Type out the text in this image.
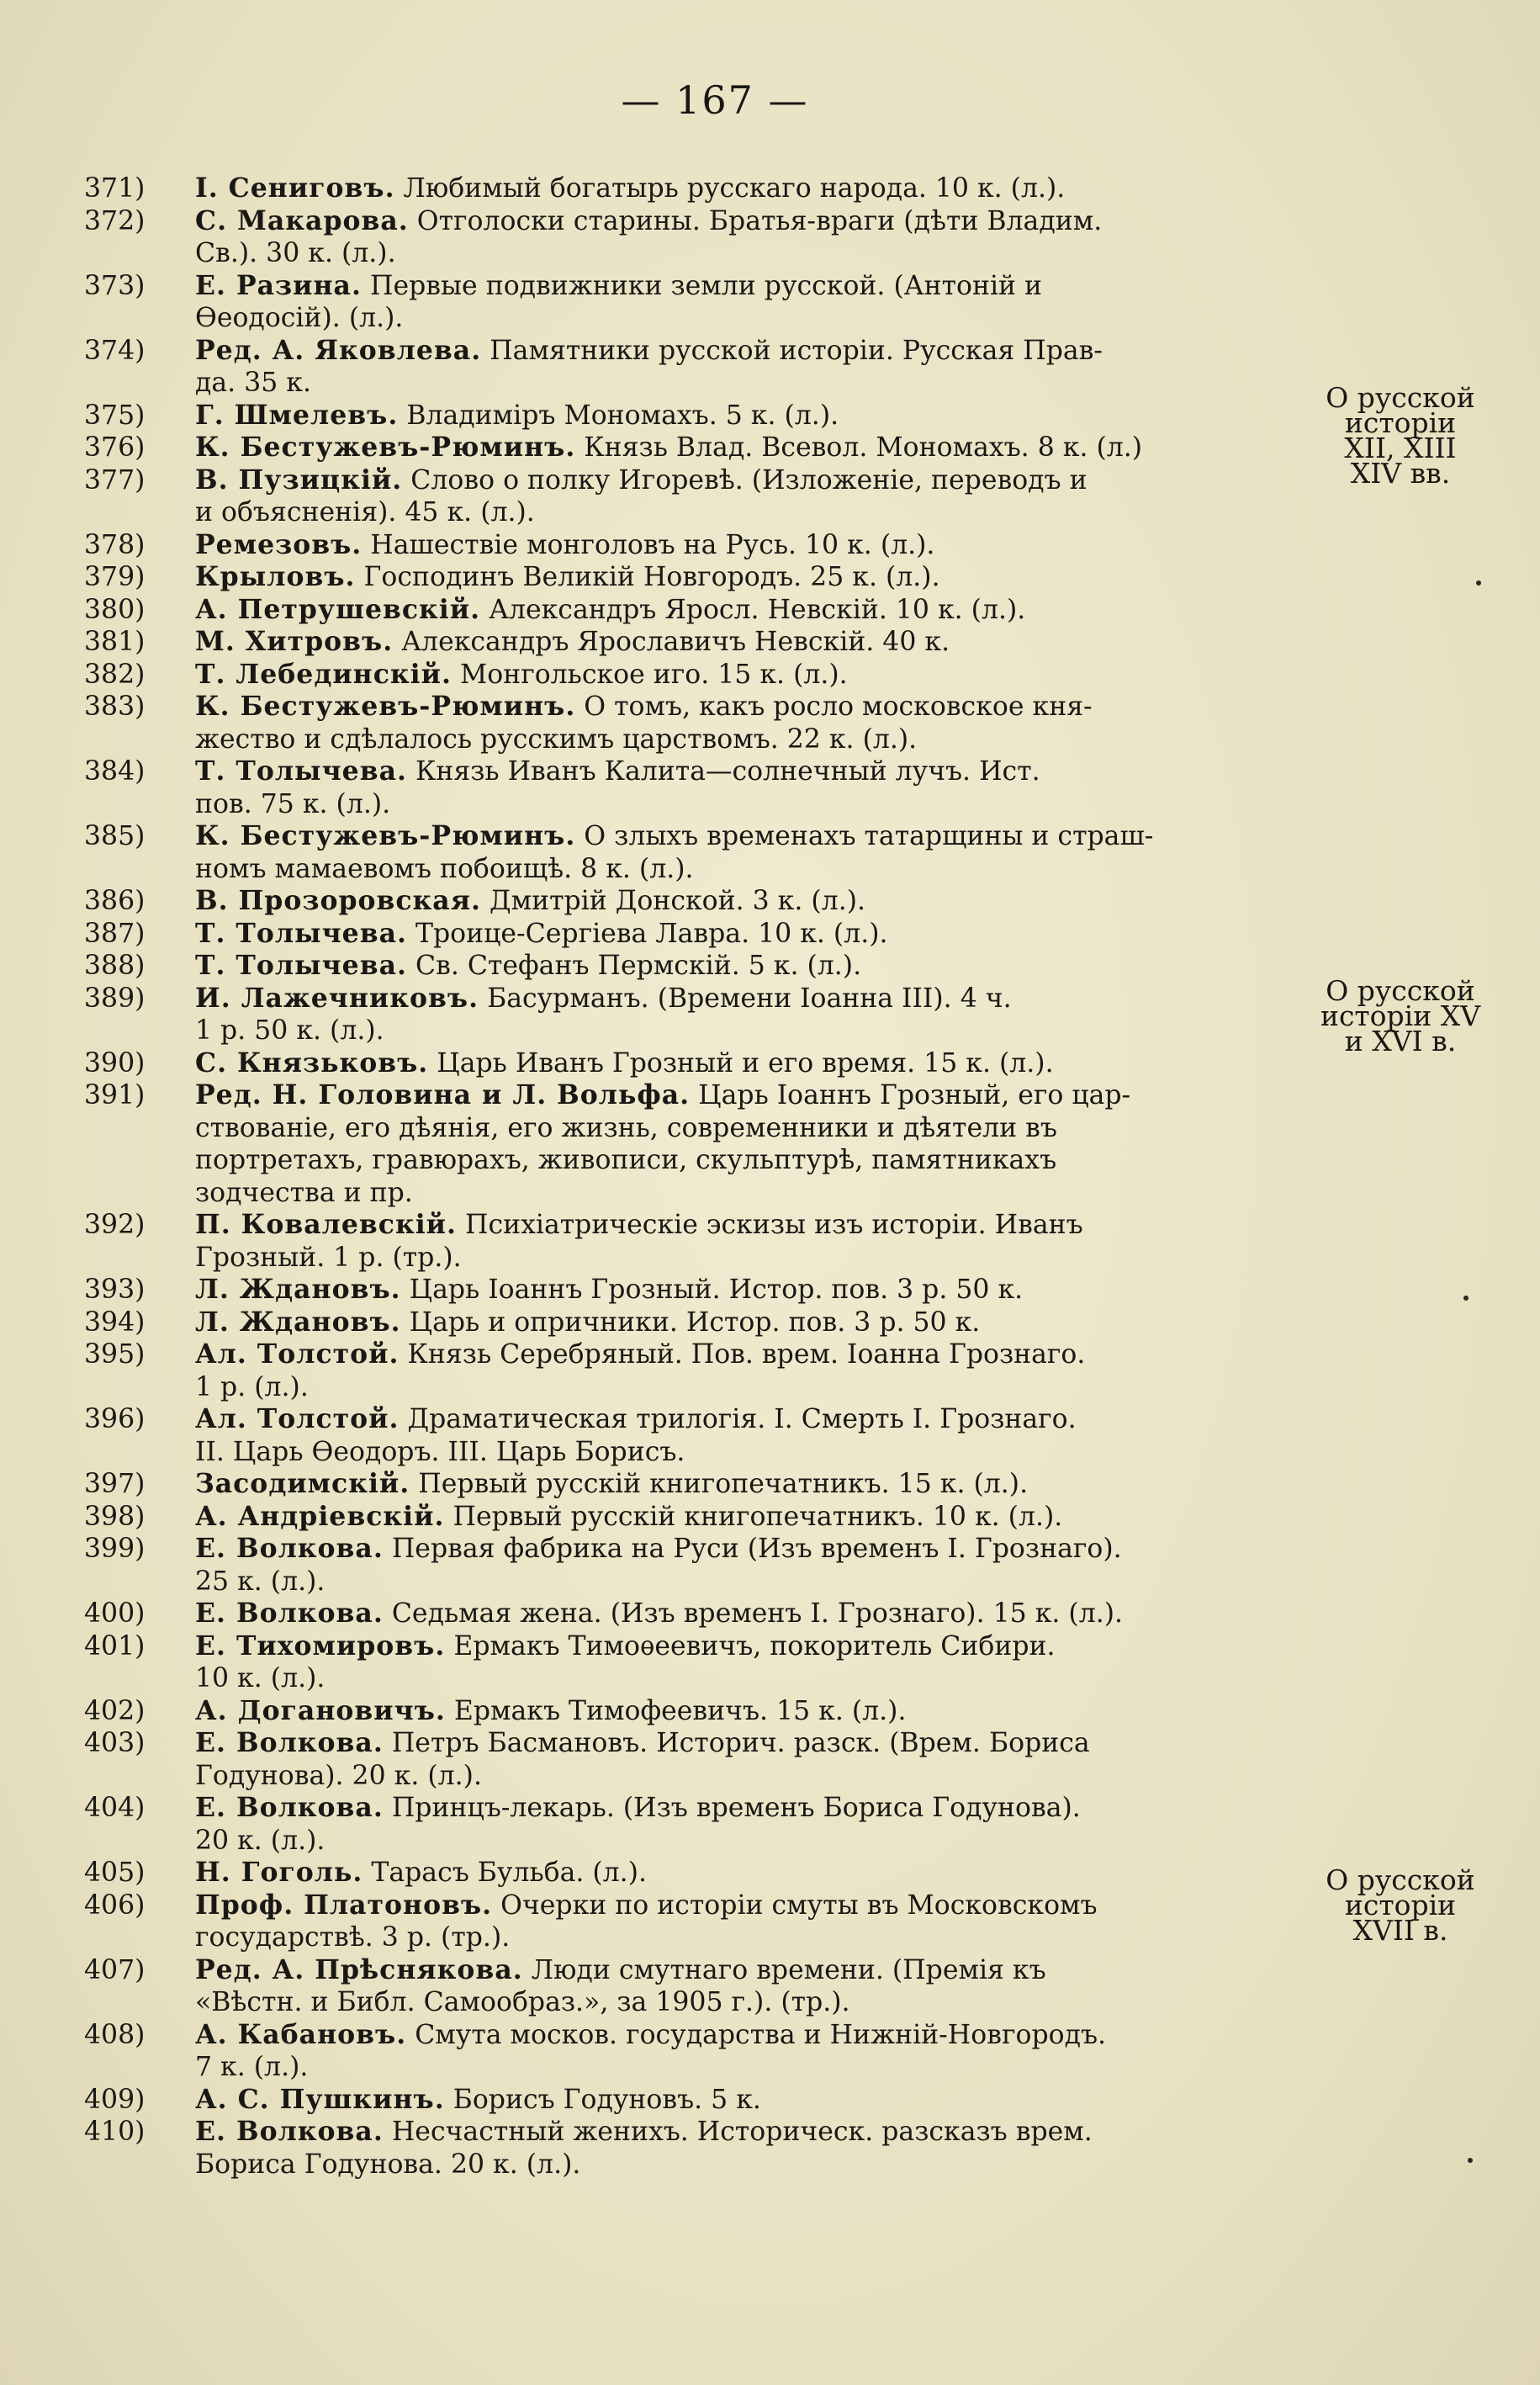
— 167 —
371)	І. Сениговъ. Любимый богатырь русскаго народа. 10 к. (л.).
372)	С. Макарова. Отголоски старины. Братья-враги (дѣти Владим.
Св.). 30 к. (л.).
373)	Е. Разина. Первые подвижники земли русской. (Антоній и
Ѳеодосій). (л.).
374)	Ред. А. Яковлева. Памятники русской исторіи. Русская Прав-
да. 35 к.
375)	Г. Шмелевъ. Владиміръ Мономахъ. 5 к. (л.).
376)	К. Бестужевъ-Рюминъ. Князь Влад. Всевол. Мономахъ. 8 к. (л.)
377)	В. Пузицкій. Слово о полку Игоревѣ. (Изложеніе, переводъ и
и объясненія). 45 к. (л.).
378)	Ремезовъ. Нашествіе монголовъ на Русь. 10 к. (л.).
379)	Крыловъ. Господинъ Великій Новгородъ. 25 к. (л.).
380)	А. Петрушевскій. Александръ Яросл. Невскій. 10 к. (л.).
381)	М. Хитровъ. Александръ Ярославичъ Невскій. 40 к.
382)	Т. Лебединскій. Монгольское иго. 15 к. (л.).
383)	К. Бестужевъ-Рюминъ. О томъ, какъ росло московское кня-
жество и сдѣлалось русскимъ царствомъ. 22 к. (л.).
384)	Т. Толычева. Князь Иванъ Калита—солнечный лучъ. Ист.
пов. 75 к. (л.).
385)	К. Бестужевъ-Рюминъ. О злыхъ временахъ татарщины и страш-
номъ мамаевомъ побоищѣ. 8 к. (л.).
386)	В. Прозоровская. Дмитрій Донской. 3 к. (л.).
387)	Т. Толычева. Троице-Сергіева Лавра. 10 к. (л.).
388)	Т. Толычева. Св. Стефанъ Пермскій. 5 к. (л.).
389)	И. Лажечниковъ. Басурманъ. (Времени Іоанна III). 4 ч.
1 р. 50 к. (л.).
390)	С. Князьковъ. Царь Иванъ Грозный и его время. 15 к. (л.).
391)	Ред. Н. Головина и Л. Вольфа. Царь Іоаннъ Грозный, его цар-
ствованіе, его дѣянія, его жизнь, современники и дѣятели въ
портретахъ, гравюрахъ, живописи, скульптурѣ, памятникахъ
зодчества и пр.
392)	П. Ковалевскій. Психіатрическіе эскизы изъ исторіи. Иванъ
Грозный. 1 р. (тр.).
393)	Л. Ждановъ. Царь Іоаннъ Грозный. Истор. пов. 3 р. 50 к.
394)	Л. Ждановъ. Царь и опричники. Истор. пов. 3 р. 50 к.
395)	Ал. Толстой. Князь Серебряный. Пов. врем. Іоанна Грознаго.
1 р. (л.).
396)	Ал. Толстой. Драматическая трилогія. I. Смерть І. Грознаго.
II. Царь Ѳеодоръ. III. Царь Борисъ.
397)	Засодимскій. Первый русскій книгопечатникъ. 15 к. (л.).
398)	А. Андріевскій. Первый русскій книгопечатникъ. 10 к. (л.).
399)	Е. Волкова. Первая фабрика на Руси (Изъ временъ І. Грознаго).
25 к. (л.).
400)	Е. Волкова. Седьмая жена. (Изъ временъ І. Грознаго). 15 к. (л.).
401)	Е. Тихомировъ. Ермакъ Тимоѳеевичъ, покоритель Сибири.
10 к. (л.).
402)	А. Догановичъ. Ермакъ Тимофеевичъ. 15 к. (л.).
403)	Е. Волкова. Петръ Басмановъ. Историч. разск. (Врем. Бориса
Годунова). 20 к. (л.).
404)	Е. Волкова. Принцъ-лекарь. (Изъ временъ Бориса Годунова).
20 к. (л.).
405)	Н. Гоголь. Тарасъ Бульба. (л.).
406)	Проф. Платоновъ. Очерки по исторіи смуты въ Московскомъ
государствѣ. 3 р. (тр.).
407)	Ред. А. Прѣснякова. Люди смутнаго времени. (Премія къ
«Вѣстн. и Библ. Самообраз.», за 1905 г.). (тр.).
408)	А. Кабановъ. Смута москов. государства и Нижній-Новгородъ.
7 к. (л.).
409)	А. С. Пушкинъ. Борисъ Годуновъ. 5 к.
410)	Е. Волкова. Несчастный женихъ. Историческ. разсказъ врем.
Бориса Годунова. 20 к. (л.).
О русской
исторіи
XII, XIII
XIV вв.
О русской
исторіи XV
и XVI в.
О русской
исторіи
XVII в.
